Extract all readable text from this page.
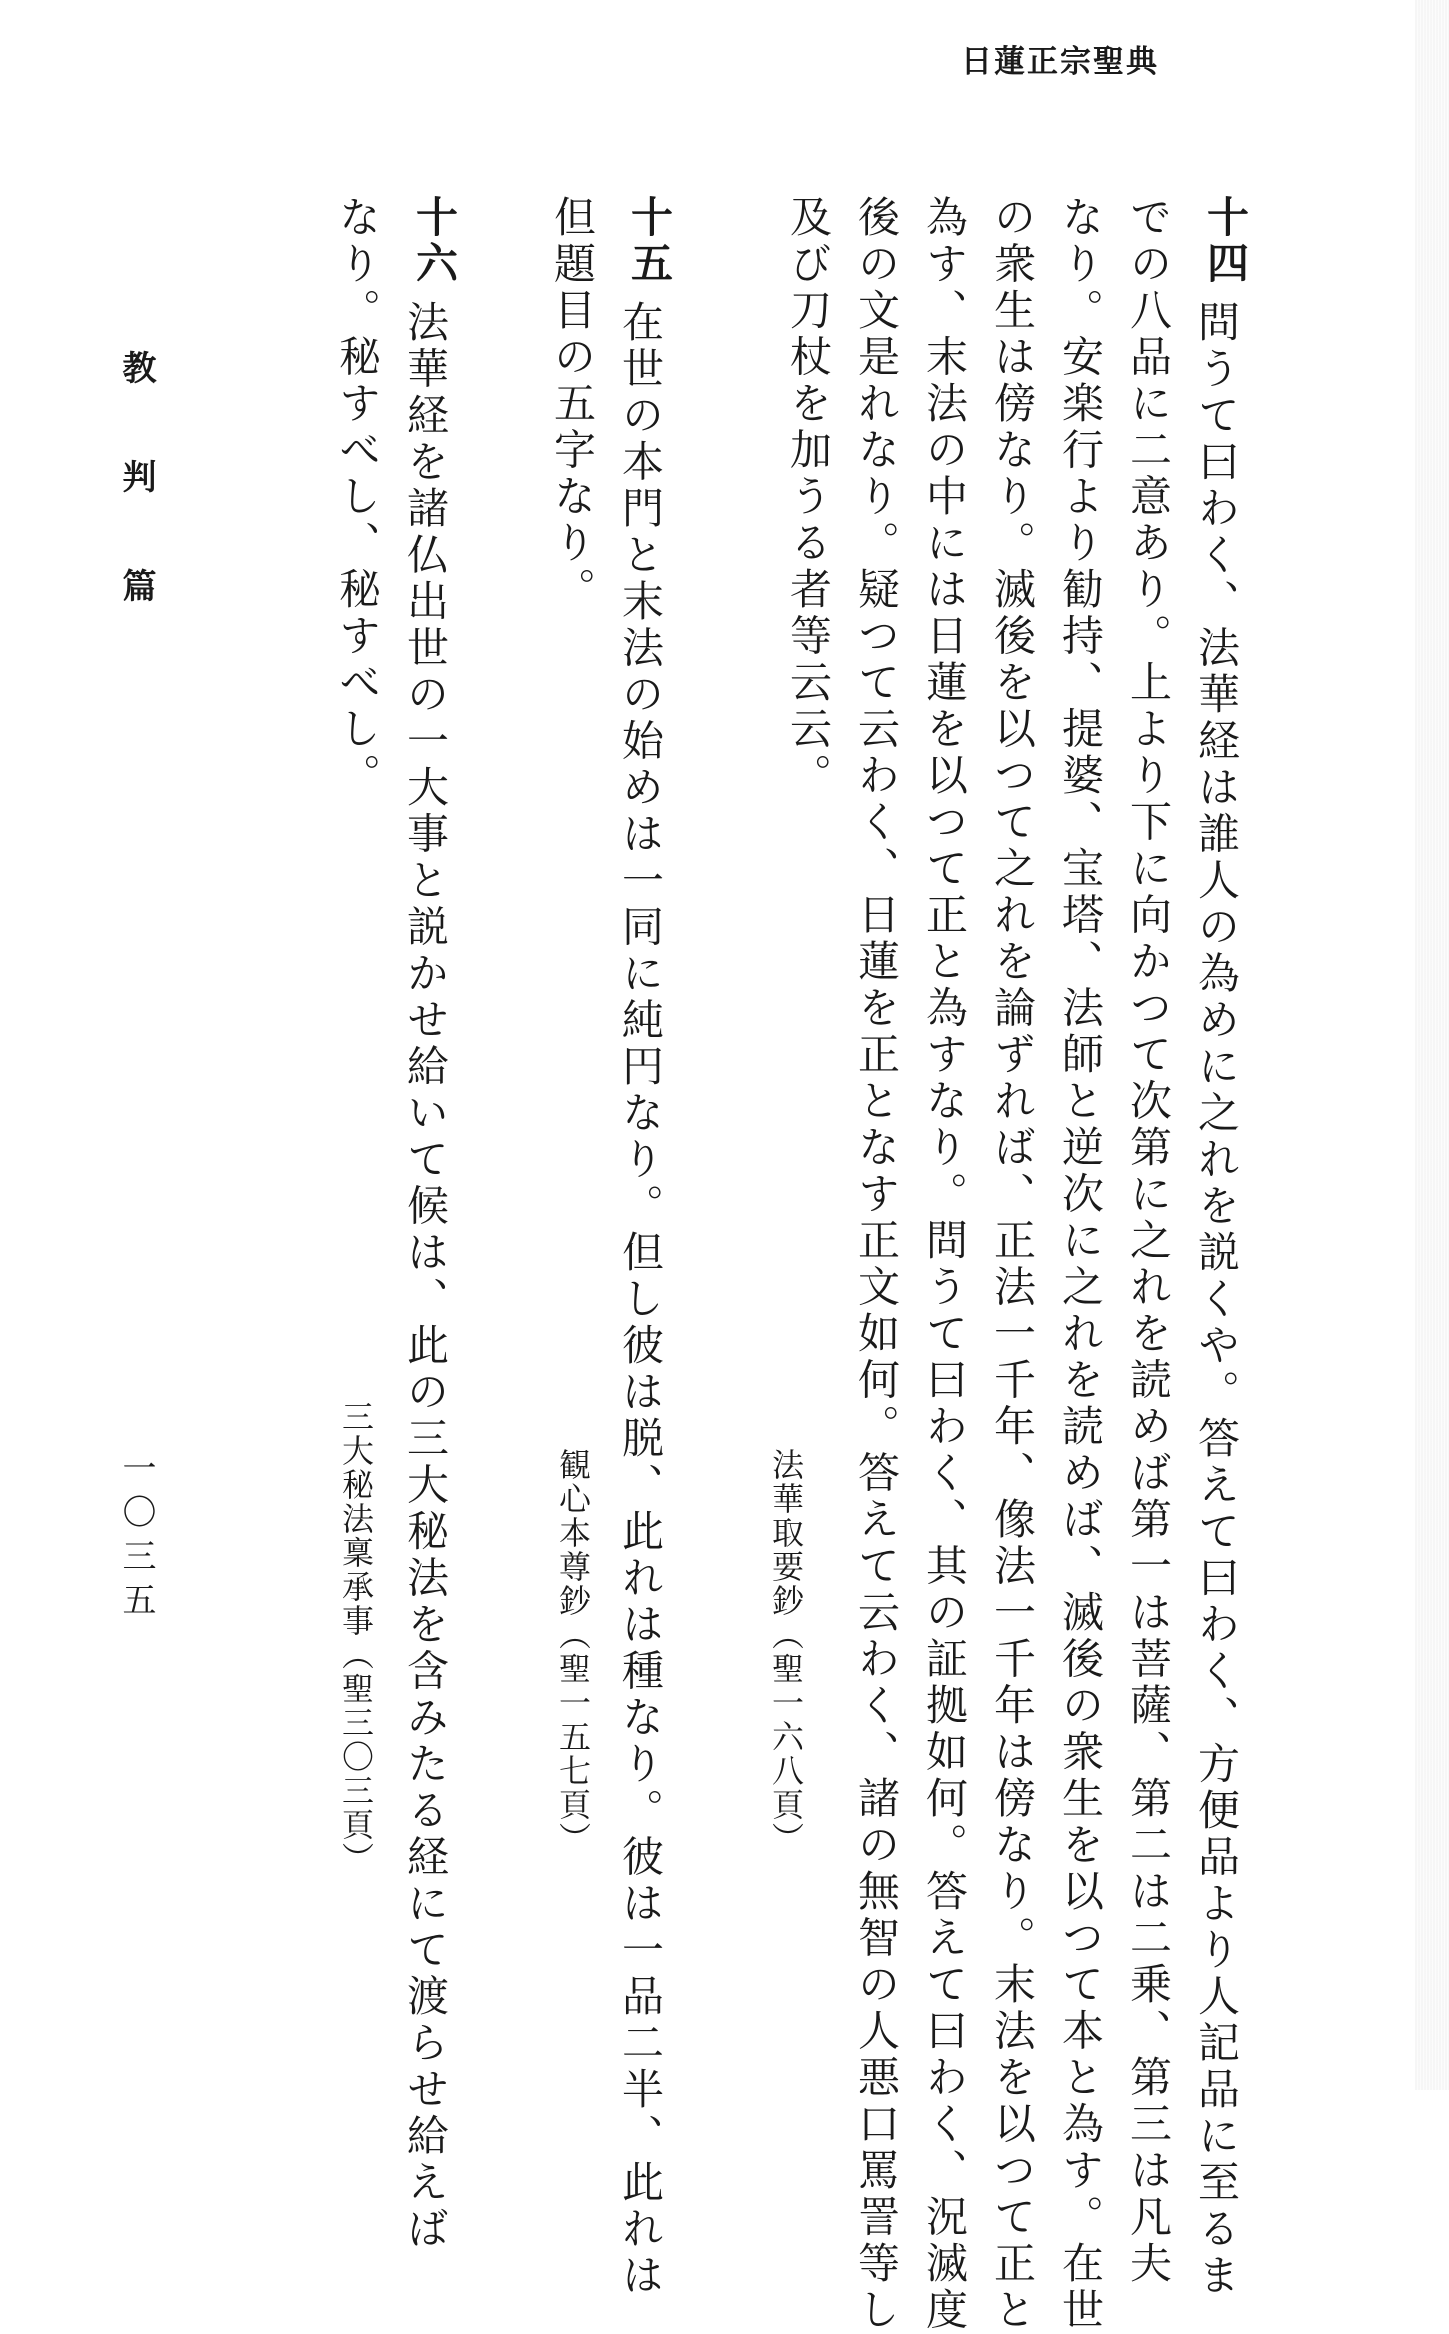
日蓮正宗聖典
十四
問うて曰わく、法華経は誰人の為めに之れを説くや。答えて曰わく、方便品より人記品に至るま
での八品に二意あり。上より下に向かつて次第に之れを読めば第一は菩薩、第二は二乗、第三は凡夫
なり。安楽行より勧持、提婆、宝塔、法師と逆次に之れを読めば、滅後の衆生を以つて本と為す。在世
の衆生は傍なり。滅後を以つて之れを論ずれば、正法一千年、像法一千年は傍なり。末法を以つて正と
為す、末法の中には日蓮を以つて正と為すなり。問うて曰わく、其の証拠如何。答えて曰わく、況滅度
後の文是れなり。疑つて云わく、日蓮を正となす正文如何。答えて云わく、諸の無智の人悪口罵詈等し
及び刀杖を加うる者等云云。
法華取要鈔（聖一六八頁）
十五
在世の本門と末法の始めは一同に純円なり。但し彼は脱、此れは種なり。彼は一品二半、此れは
但題目の五字なり。
観心本尊鈔（聖一五七頁）
十六
法華経を諸仏出世の一大事と説かせ給いて候は、此の三大秘法を含みたる経にて渡らせ給えば
なり。秘すべし、秘すべし。
三大秘法稟承事（聖三〇三頁）
教判篇
一〇三五
